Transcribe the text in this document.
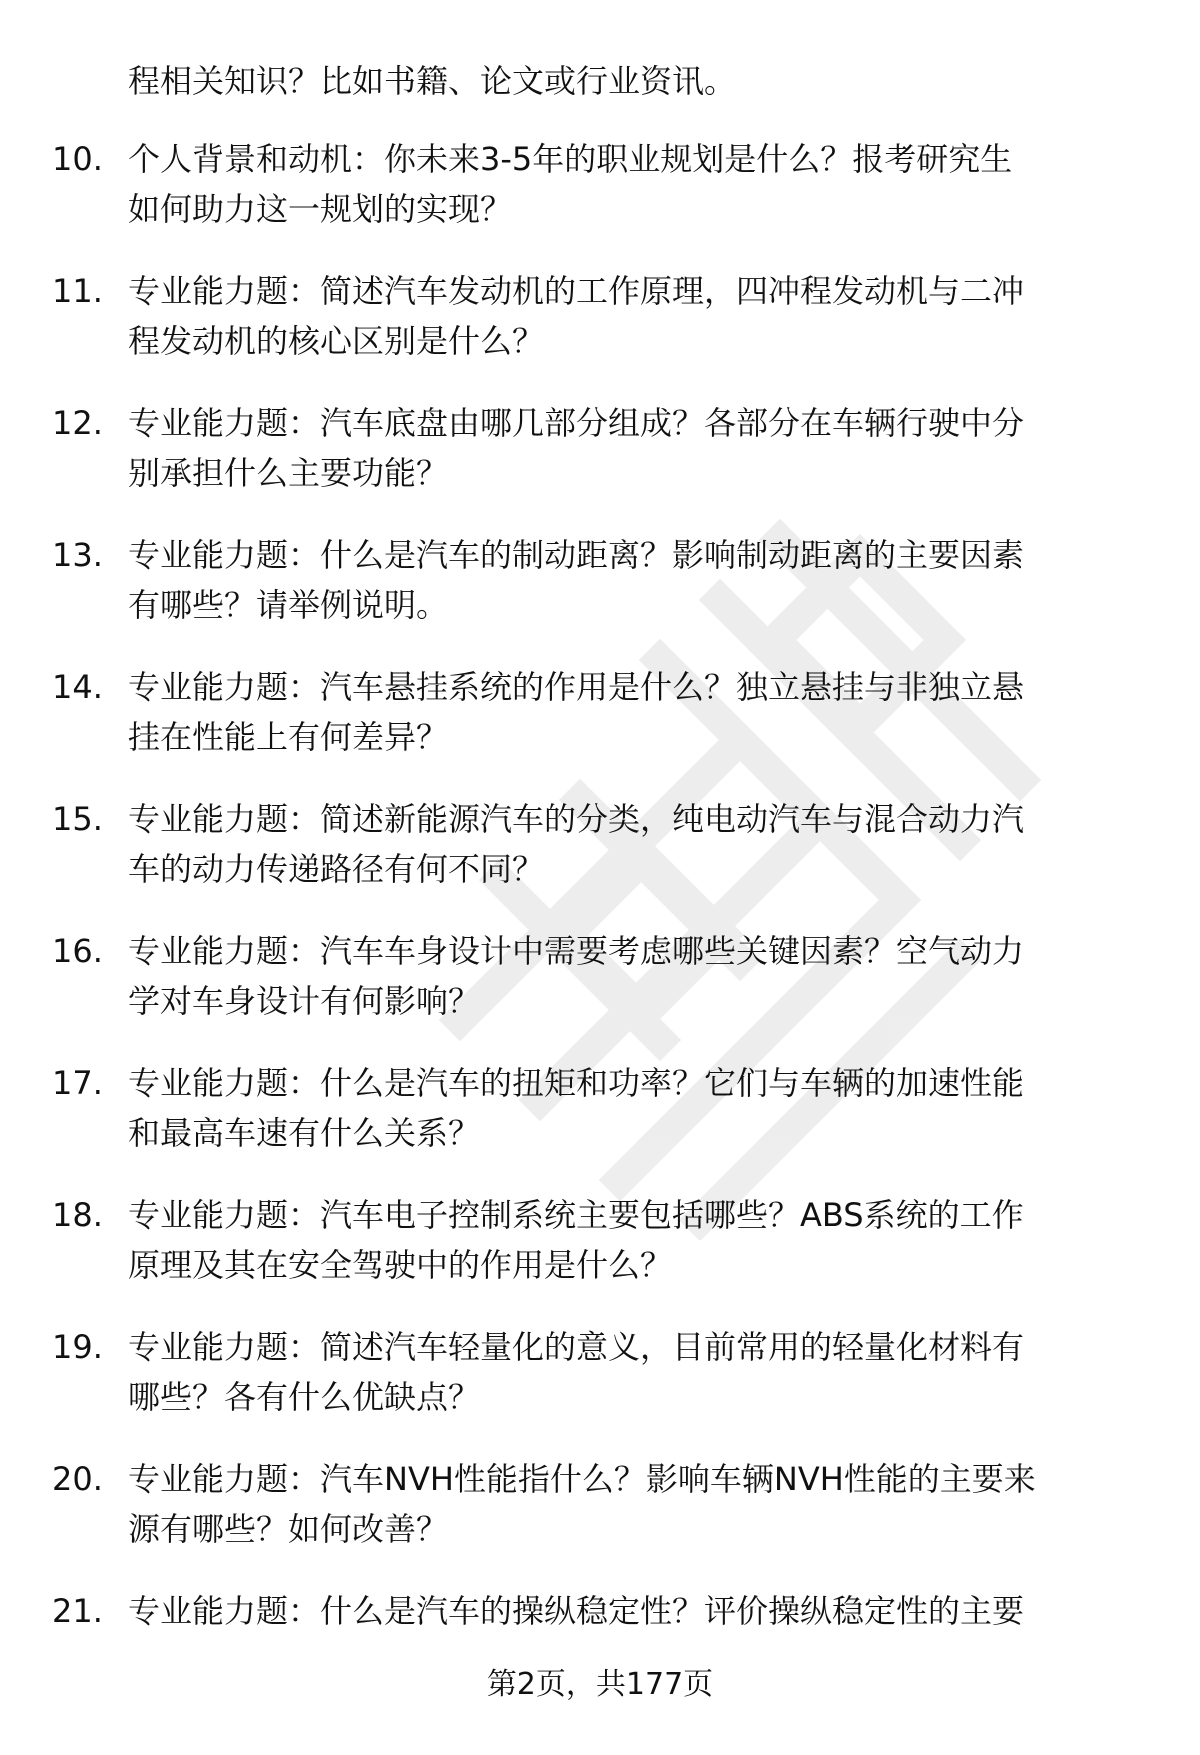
程相关知识？比如书籍、论文或行业资讯。
10. 个人背景和动机：你未来3-5年的职业规划是什么？报考研究生
如何助力这一规划的实现？
11. 专业能力题：简述汽车发动机的工作原理，四冲程发动机与二冲
程发动机的核心区别是什么？
12. 专业能力题：汽车底盘由哪几部分组成？各部分在车辆行驶中分
别承担什么主要功能？
13. 专业能力题：什么是汽车的制动距离？影响制动距离的主要因素
有哪些？请举例说明。
14. 专业能力题：汽车悬挂系统的作用是什么？独立悬挂与非独立悬
挂在性能上有何差异？
15. 专业能力题：简述新能源汽车的分类，纯电动汽车与混合动力汽
车的动力传递路径有何不同？
16. 专业能力题：汽车车身设计中需要考虑哪些关键因素？空气动力
学对车身设计有何影响？
17. 专业能力题：什么是汽车的扭矩和功率？它们与车辆的加速性能
和最高车速有什么关系？
18. 专业能力题：汽车电子控制系统主要包括哪些？ABS系统的工作
原理及其在安全驾驶中的作用是什么？
19. 专业能力题：简述汽车轻量化的意义，目前常用的轻量化材料有
哪些？各有什么优缺点？
20. 专业能力题：汽车NVH性能指什么？影响车辆NVH性能的主要来
源有哪些？如何改善？
21. 专业能力题：什么是汽车的操纵稳定性？评价操纵稳定性的主要
第2页，共177页
